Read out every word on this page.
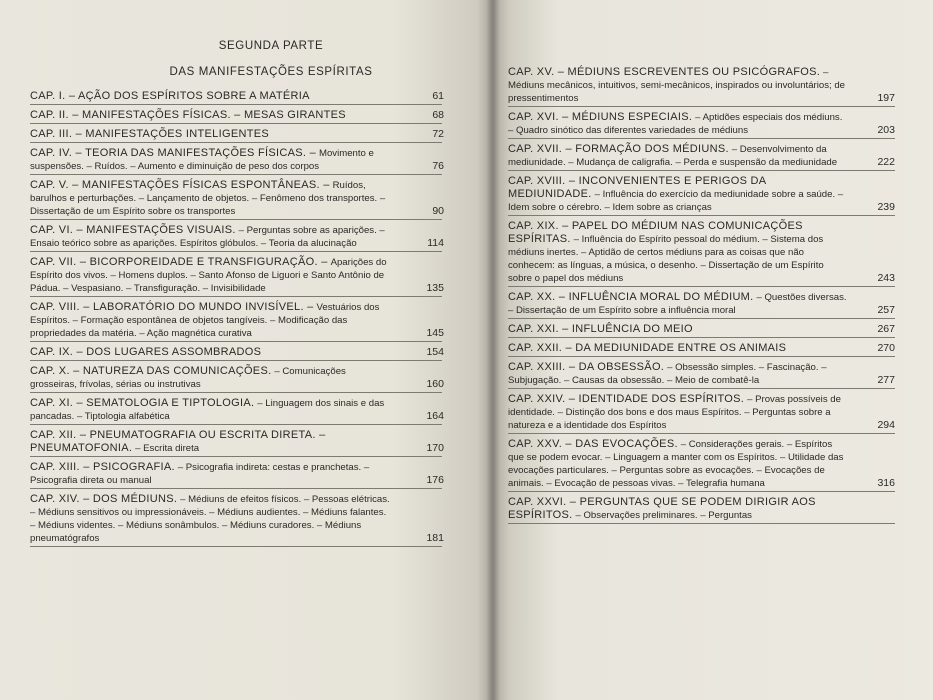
SEGUNDA PARTE
DAS MANIFESTAÇÕES ESPÍRITAS
CAP. I. – AÇÃO DOS ESPÍRITOS SOBRE A MATÉRIA	61
CAP. II. – MANIFESTAÇÕES FÍSICAS. – MESAS GIRANTES	68
CAP. III. – MANIFESTAÇÕES INTELIGENTES	72
CAP. IV. – TEORIA DAS MANIFESTAÇÕES FÍSICAS. – Movimento e suspensões. – Ruídos. – Aumento e diminuição de peso dos corpos	76
CAP. V. – MANIFESTAÇÕES FÍSICAS ESPONTÂNEAS. – Ruídos, barulhos e perturbações. – Lançamento de objetos. – Fenômeno dos transportes. – Dissertação de um Espírito sobre os transportes	90
CAP. VI. – MANIFESTAÇÕES VISUAIS. – Perguntas sobre as aparições. – Ensaio teórico sobre as aparições. Espíritos glóbulos. – Teoria da alucinação	114
CAP. VII. – BICORPOREIDADE E TRANSFIGURAÇÃO. – Aparições do Espírito dos vivos. – Homens duplos. – Santo Afonso de Liguori e Santo Antônio de Pádua. – Vespasiano. – Transfiguração. – Invisibilidade	135
CAP. VIII. – LABORATÓRIO DO MUNDO INVISÍVEL. – Vestuários dos Espíritos. – Formação espontânea de objetos tangíveis. – Modificação das propriedades da matéria. – Ação magnética curativa	145
CAP. IX. – DOS LUGARES ASSOMBRADOS	154
CAP. X. – NATUREZA DAS COMUNICAÇÕES. – Comunicações grosseiras, frívolas, sérias ou instrutivas	160
CAP. XI. – SEMATOLOGIA E TIPTOLOGIA. – Linguagem dos sinais e das pancadas. – Tiptologia alfabética	164
CAP. XII. – PNEUMATOGRAFIA OU ESCRITA DIRETA. – PNEUMATOFONIA. – Escrita direta	170
CAP. XIII. – PSICOGRAFIA. – Psicografia indireta: cestas e pranchetas. – Psicografia direta ou manual	176
CAP. XIV. – DOS MÉDIUNS. – Médiuns de efeitos físicos. – Pessoas elétricas. – Médiuns sensitivos ou impressionáveis. – Médiuns audientes. – Médiuns falantes. – Médiuns videntes. – Médiuns sonâmbulos. – Médiuns curadores. – Médiuns pneumatógrafos	181
CAP. XV. – MÉDIUNS ESCREVENTES OU PSICÓGRAFOS. – Médiuns mecânicos, intuitivos, semi-mecânicos, inspirados ou involuntários; de pressentimentos	197
CAP. XVI. – MÉDIUNS ESPECIAIS. – Aptidões especiais dos médiuns. – Quadro sinótico das diferentes variedades de médiuns	203
CAP. XVII. – FORMAÇÃO DOS MÉDIUNS. – Desenvolvimento da mediunidade. – Mudança de caligrafia. – Perda e suspensão da mediunidade	222
CAP. XVIII. – INCONVENIENTES E PERIGOS DA MEDIUNIDADE. – Influência do exercício da mediunidade sobre a saúde. – Idem sobre o cérebro. – Idem sobre as crianças	239
CAP. XIX. – PAPEL DO MÉDIUM NAS COMUNICAÇÕES ESPÍRITAS. – Influência do Espírito pessoal do médium. – Sistema dos médiuns inertes. – Aptidão de certos médiuns para as coisas que não conhecem: as línguas, a música, o desenho. – Dissertação de um Espírito sobre o papel dos médiuns	243
CAP. XX. – INFLUÊNCIA MORAL DO MÉDIUM. – Questões diversas. – Dissertação de um Espírito sobre a influência moral	257
CAP. XXI. – INFLUÊNCIA DO MEIO	267
CAP. XXII. – DA MEDIUNIDADE ENTRE OS ANIMAIS	270
CAP. XXIII. – DA OBSESSÃO. – Obsessão simples. – Fascinação. – Subjugação. – Causas da obsessão. – Meio de combatê-la	277
CAP. XXIV. – IDENTIDADE DOS ESPÍRITOS. – Provas possíveis de identidade. – Distinção dos bons e dos maus Espíritos. – Perguntas sobre a natureza e a identidade dos Espíritos	294
CAP. XXV. – DAS EVOCAÇÕES. – Considerações gerais. – Espíritos que se podem evocar. – Linguagem a manter com os Espíritos. – Utilidade das evocações particulares. – Perguntas sobre as evocações. – Evocações de animais. – Evocação de pessoas vivas. – Telegrafia humana	316
CAP. XXVI. – PERGUNTAS QUE SE PODEM DIRIGIR AOS ESPÍRITOS. – Observações preliminares. – Perguntas
